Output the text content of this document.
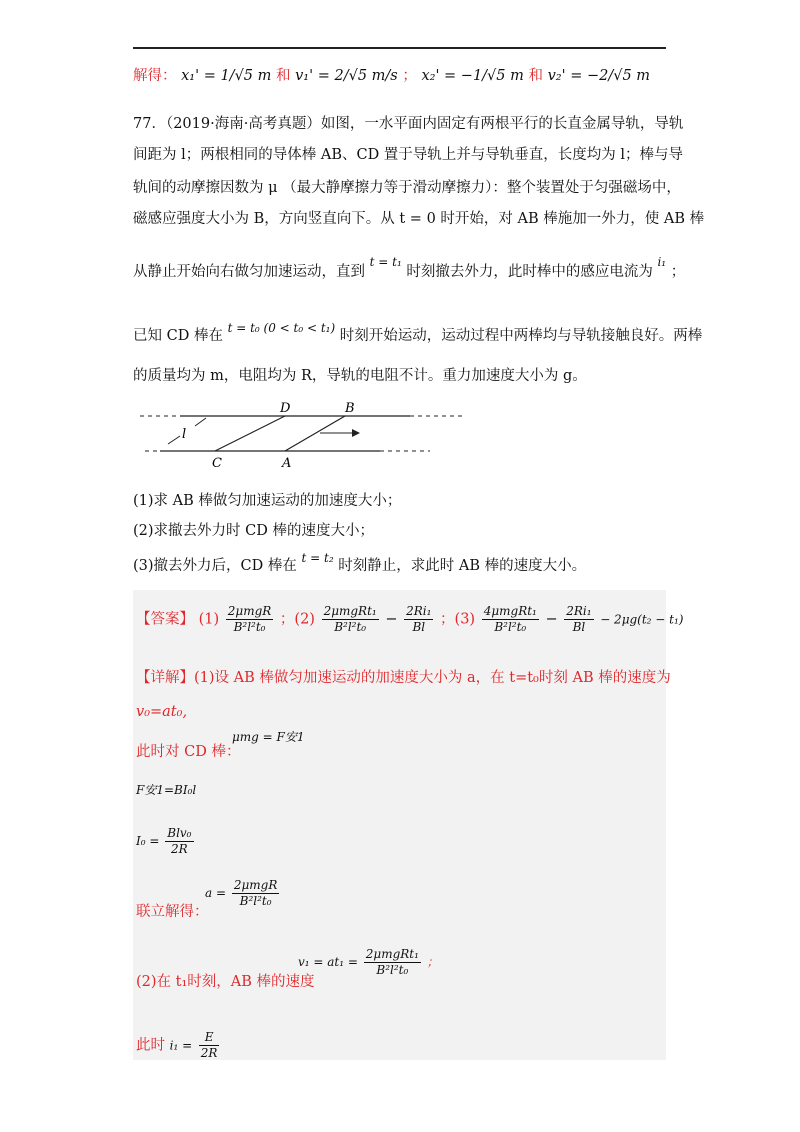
解得： x₁' = 1/√5 m 和 v₁' = 2/√5 m/s ； x₂' = −1/√5 m 和 v₂' = −2/√5 m
77．（2019·海南·高考真题）如图，一水平面内固定有两根平行的长直金属导轨，导轨
间距为 l；两根相同的导体棒 AB、CD 置于导轨上并与导轨垂直，长度均为 l；棒与导
轨间的动摩擦因数为 μ （最大静摩擦力等于滑动摩擦力）：整个装置处于匀强磁场中，
磁感应强度大小为 B，方向竖直向下。从 t = 0 时开始，对 AB 棒施加一外力，使 AB 棒
从静止开始向右做匀加速运动，直到 $^{t = t_1}$ 时刻撤去外力，此时棒中的感应电流为 $^{i_1}$ ；
已知 CD 棒在 $^{t = t_0 (0 < t_0 < t_1)}$ 时刻开始运动，运动过程中两棒均与导轨接触良好。两棒
的质量均为 m，电阻均为 R，导轨的电阻不计。重力加速度大小为 g。
D	B
C	A
l
(1)求 AB 棒做匀加速运动的加速度大小；
(2)求撤去外力时 CD 棒的速度大小；
(3)撤去外力后，CD 棒在 $^{t = t_2}$ 时刻静止，求此时 AB 棒的速度大小。
【答案】 $(1) \frac{\text{2μmgR}}{\text{B²l²t₀}}$ ；$(2) \frac{\text{2μmgRt₁}}{\text{B²l²t₀}} - \frac{\text{2Ri₁}}{Bl}$ ；$(3) \frac{\text{4μmgRt₁}}{\text{B²l²t₀}} - \frac{\text{2Ri₁}}{Bl} - 2\mu g(t_2 - t_1)$
【详解】(1)设 AB 棒做匀加速运动的加速度大小为 a，在 t=t₀时刻 AB 棒的速度为
v₀=at₀,
此时对 CD 棒：
μmg = F安1
F安1=BI₀l
$I_0 = \frac{\text{Blv₀}}{2R}$
联立解得：
$a = \frac{\text{2μmgR}}{\text{B²l²t₀}}$
(2)在 t₁时刻，AB 棒的速度
$v_1 = at_1 = \frac{\text{2μmgRt₁}}{\text{B²l²t₀}}$ ；
此时 $i_1 = \frac{E}{2R}$
